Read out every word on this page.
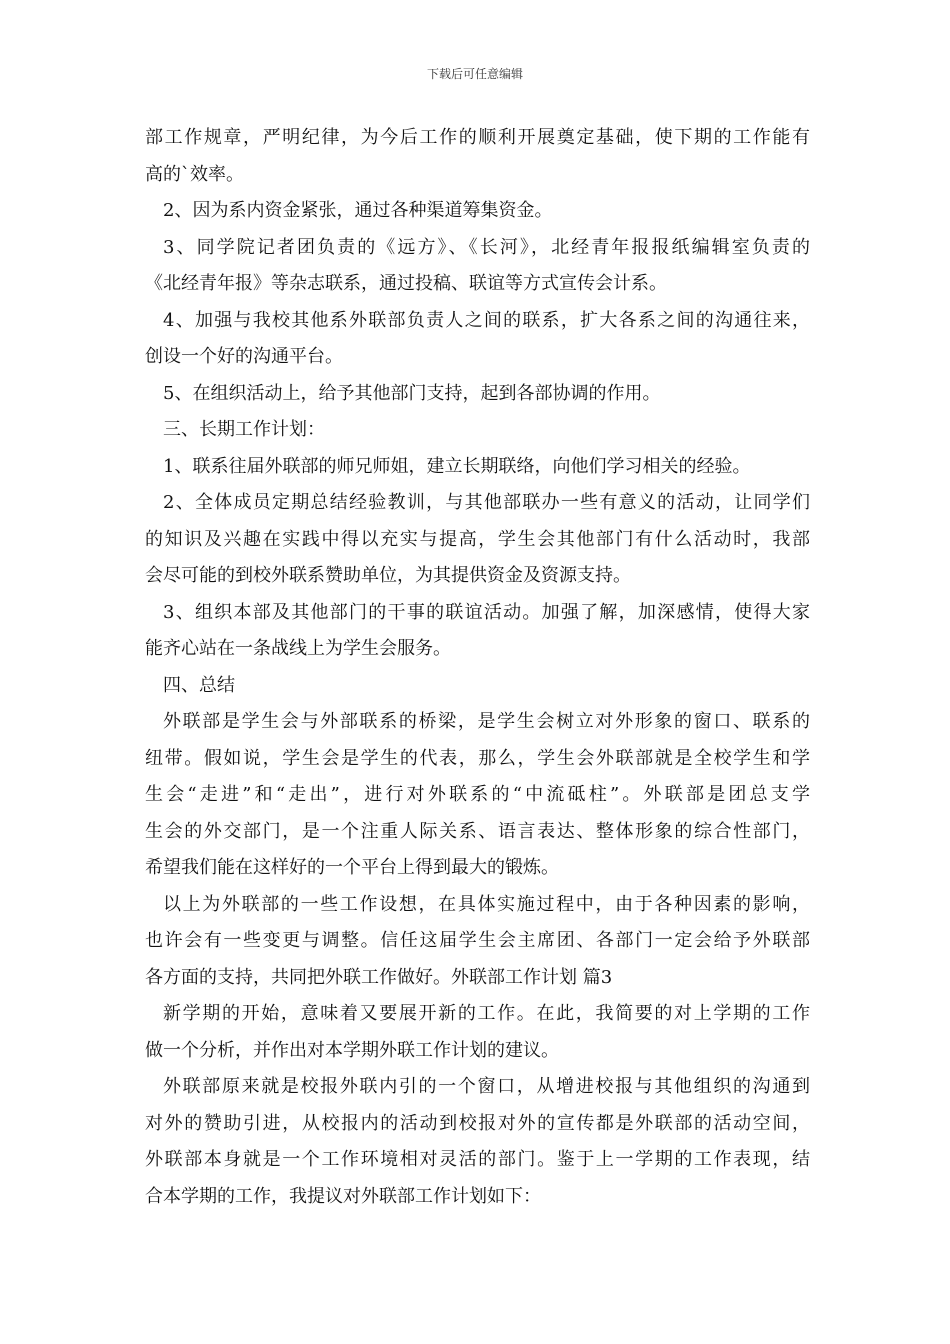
下载后可任意编辑
部工作规章，严明纪律，为今后工作的顺利开展奠定基础，使下期的工作能有
高的`效率。
2、因为系内资金紧张，通过各种渠道筹集资金。
3、同学院记者团负责的《远方》、《长河》，北经青年报报纸编辑室负责的
《北经青年报》等杂志联系，通过投稿、联谊等方式宣传会计系。
4、加强与我校其他系外联部负责人之间的联系，扩大各系之间的沟通往来，
创设一个好的沟通平台。
5、在组织活动上，给予其他部门支持，起到各部协调的作用。
三、长期工作计划：
1、联系往届外联部的师兄师姐，建立长期联络，向他们学习相关的经验。
2、全体成员定期总结经验教训，与其他部联办一些有意义的活动，让同学们
的知识及兴趣在实践中得以充实与提高，学生会其他部门有什么活动时，我部
会尽可能的到校外联系赞助单位，为其提供资金及资源支持。
3、组织本部及其他部门的干事的联谊活动。加强了解，加深感情，使得大家
能齐心站在一条战线上为学生会服务。
四、总结
外联部是学生会与外部联系的桥梁，是学生会树立对外形象的窗口、联系的
纽带。假如说，学生会是学生的代表，那么，学生会外联部就是全校学生和学
生会“走进”和“走出”，进行对外联系的“中流砥柱”。外联部是团总支学
生会的外交部门，是一个注重人际关系、语言表达、整体形象的综合性部门，
希望我们能在这样好的一个平台上得到最大的锻炼。
以上为外联部的一些工作设想，在具体实施过程中，由于各种因素的影响，
也许会有一些变更与调整。信任这届学生会主席团、各部门一定会给予外联部
各方面的支持，共同把外联工作做好。外联部工作计划 篇3
新学期的开始，意味着又要展开新的工作。在此，我简要的对上学期的工作
做一个分析，并作出对本学期外联工作计划的建议。
外联部原来就是校报外联内引的一个窗口，从增进校报与其他组织的沟通到
对外的赞助引进，从校报内的活动到校报对外的宣传都是外联部的活动空间，
外联部本身就是一个工作环境相对灵活的部门。鉴于上一学期的工作表现，结
合本学期的工作，我提议对外联部工作计划如下：
